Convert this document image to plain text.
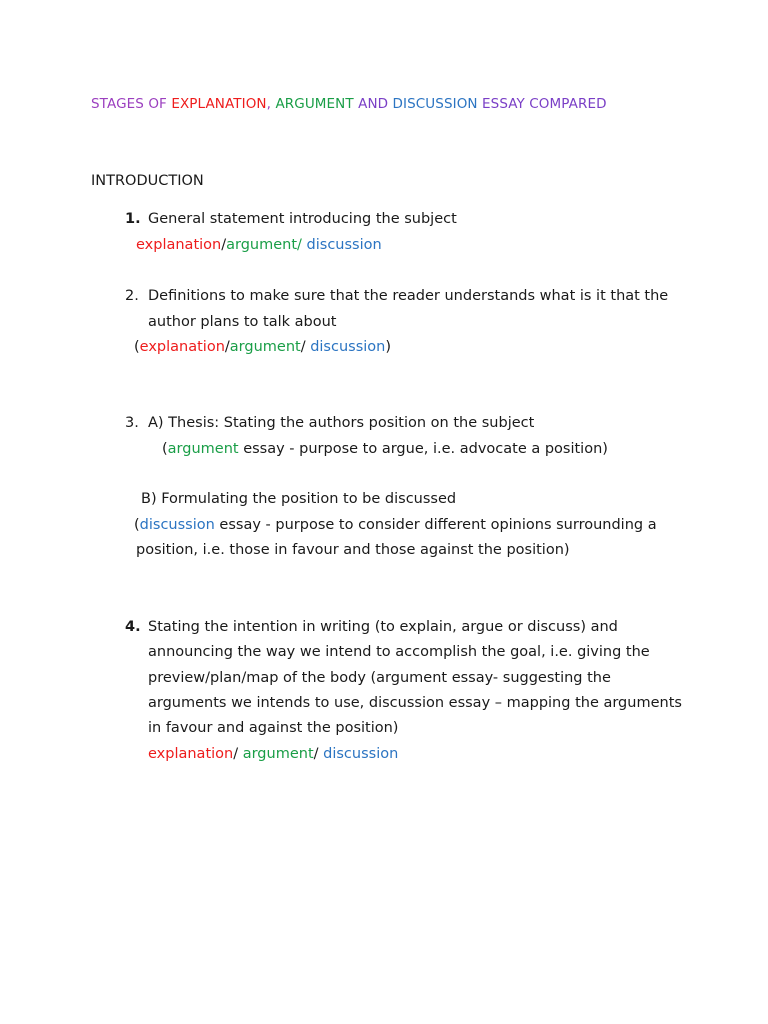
STAGES OF EXPLANATION, ARGUMENT AND DISCUSSION ESSAY COMPARED
INTRODUCTION
1. General statement introducing the subject
explanation/argument/ discussion
2. Definitions to make sure that the reader understands what is it that the
author plans to talk about
(explanation/argument/ discussion)
3. A) Thesis: Stating the authors position on the subject
(argument essay - purpose to argue, i.e. advocate a position)
B) Formulating the position to be discussed
(discussion essay - purpose to consider different opinions surrounding a
position, i.e. those in favour and those against the position)
4. Stating the intention in writing (to explain, argue or discuss) and
announcing the way we intend to accomplish the goal, i.e. giving the
preview/plan/map of the body (argument essay- suggesting the
arguments we intends to use, discussion essay – mapping the arguments
in favour and against the position)
explanation/ argument/ discussion
